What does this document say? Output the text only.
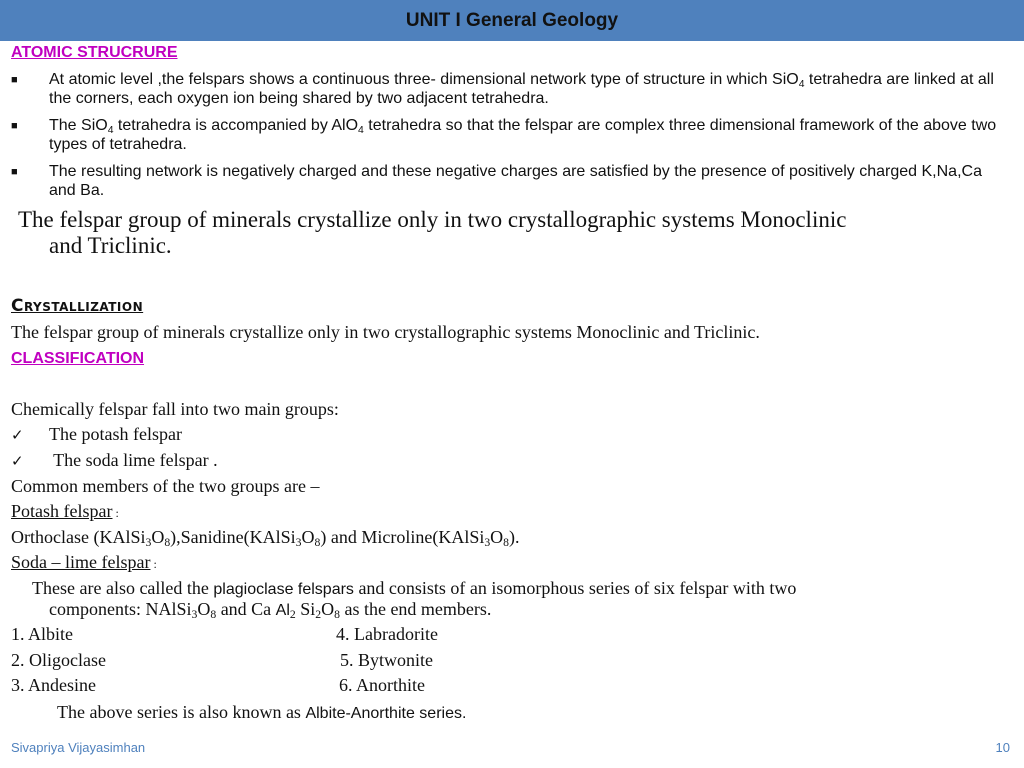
UNIT I General Geology
ATOMIC STRUCRURE
■	At atomic level ,the felspars shows a continuous three- dimensional network type of structure in which SiO$_4$ tetrahedra are linked at all the corners, each oxygen ion being shared by two adjacent tetrahedra.
■	The SiO$_4$ tetrahedra is accompanied by AlO$_4$ tetrahedra so that the felspar are complex three dimensional framework of the above two types of tetrahedra.
■	The resulting network is negatively charged and these negative charges are satisfied by the presence of positively charged K,Na,Ca and Ba.
The felspar group of minerals crystallize only in two crystallographic systems Monoclinic
and Triclinic.
Crystallization
The felspar group of minerals crystallize only in two crystallographic systems Monoclinic and Triclinic.
CLASSIFICATION
Chemically felspar fall into two main groups:
✓ The potash felspar
✓ The soda lime felspar .
Common members of the two groups are –
Potash felspar :
Orthoclase $(KAlSi_3O_8),Sanidine(KAlSi_3O_8)$ and $Microline(KAlSi_3O_8)$.
Soda – lime felspar :
These are also called the plagioclase felspars and consists of an isomorphous series of six felspar with two
components: $NAlSi_3O_8$ and Ca $Al_2$ $Si_2O_8$ as the end members.
1. Albite	4. Labradorite
2. Oligoclase	5. Bytwonite
3. Andesine	6. Anorthite
The above series is also known as Albite-Anorthite series.
Sivapriya Vijayasimhan	10
